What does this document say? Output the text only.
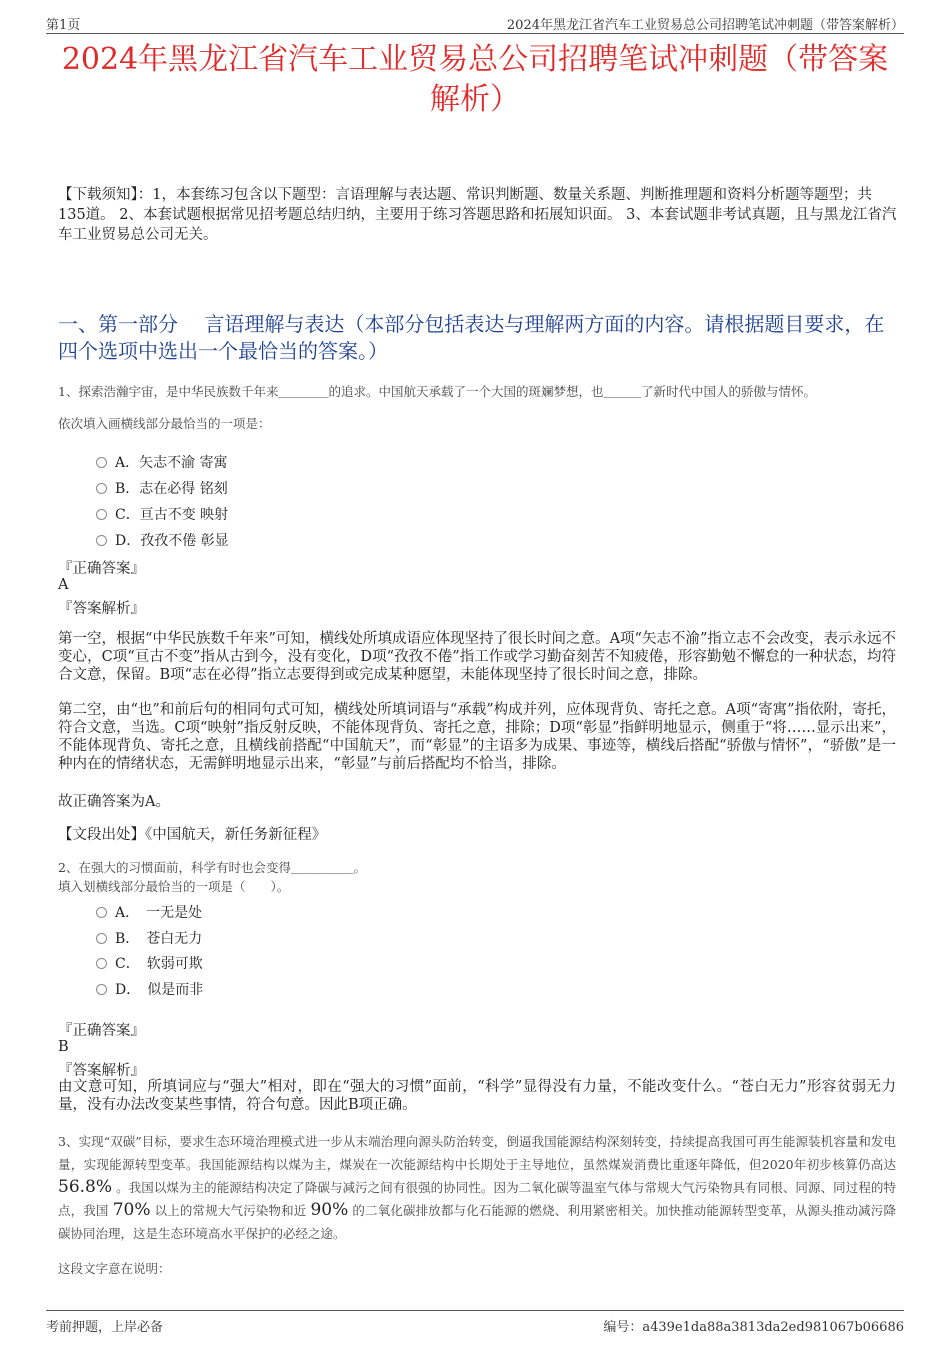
第1页	2024年黑龙江省汽车工业贸易总公司招聘笔试冲刺题（带答案解析）
2024年黑龙江省汽车工业贸易总公司招聘笔试冲刺题（带答案
解析）
【下载须知】：1，本套练习包含以下题型：言语理解与表达题、常识判断题、数量关系题、判断推理题和资料分析题等题型；共135道。 2、本套试题根据常见招考题总结归纳，主要用于练习答题思路和拓展知识面。 3、本套试题非考试真题，且与黑龙江省汽车工业贸易总公司无关。
一、第一部分　 言语理解与表达（本部分包括表达与理解两方面的内容。请根据题目要求，在四个选项中选出一个最恰当的答案。）
1、探索浩瀚宇宙，是中华民族数千年来＿＿＿＿的追求。中国航天承载了一个大国的斑斓梦想，也＿＿＿了新时代中国人的骄傲与情怀。
依次填入画横线部分最恰当的一项是：
A．矢志不渝 寄寓
B．志在必得 铭刻
C．亘古不变 映射
D．孜孜不倦 彰显
『正确答案』
A
『答案解析』
第一空，根据“中华民族数千年来”可知，横线处所填成语应体现坚持了很长时间之意。A项“矢志不渝”指立志不会改变，表示永远不变心，C项“亘古不变”指从古到今，没有变化，D项“孜孜不倦”指工作或学习勤奋刻苦不知疲倦，形容勤勉不懈怠的一种状态，均符合文意，保留。B项“志在必得”指立志要得到或完成某种愿望，未能体现坚持了很长时间之意，排除。
第二空，由“也”和前后句的相同句式可知，横线处所填词语与“承载”构成并列，应体现背负、寄托之意。A项“寄寓”指依附，寄托，符合文意，当选。C项“映射”指反射反映，不能体现背负、寄托之意，排除；D项“彰显”指鲜明地显示，侧重于“将……显示出来”，不能体现背负、寄托之意，且横线前搭配“中国航天”，而“彰显”的主语多为成果、事迹等，横线后搭配“骄傲与情怀”，“骄傲”是一种内在的情绪状态，无需鲜明地显示出来，“彰显”与前后搭配均不恰当，排除。
故正确答案为A。
【文段出处】《中国航天，新任务新征程》
2、在强大的习惯面前，科学有时也会变得＿＿＿＿＿。
填入划横线部分最恰当的一项是（　　）。
A．　一无是处
B．　苍白无力
C．　软弱可欺
D．　似是而非
『正确答案』
B
『答案解析』
由文意可知，所填词应与“强大”相对，即在“强大的习惯”面前，“科学”显得没有力量，不能改变什么。“苍白无力”形容贫弱无力量，没有办法改变某些事情，符合句意。因此B项正确。
3、实现“双碳”目标，要求生态环境治理模式进一步从末端治理向源头防治转变，倒逼我国能源结构深刻转变，持续提高我国可再生能源装机容量和发电量，实现能源转型变革。我国能源结构以煤为主，煤炭在一次能源结构中长期处于主导地位，虽然煤炭消费比重逐年降低，但2020年初步核算仍高达 56.8% 。我国以煤为主的能源结构决定了降碳与减污之间有很强的协同性。因为二氧化碳等温室气体与常规大气污染物具有同根、同源、同过程的特点，我国 70% 以上的常规大气污染物和近 90% 的二氧化碳排放都与化石能源的燃烧、利用紧密相关。加快推动能源转型变革，从源头推动减污降碳协同治理，这是生态环境高水平保护的必经之途。
这段文字意在说明：
考前押题，上岸必备	编号：a439e1da88a3813da2ed981067b06686
